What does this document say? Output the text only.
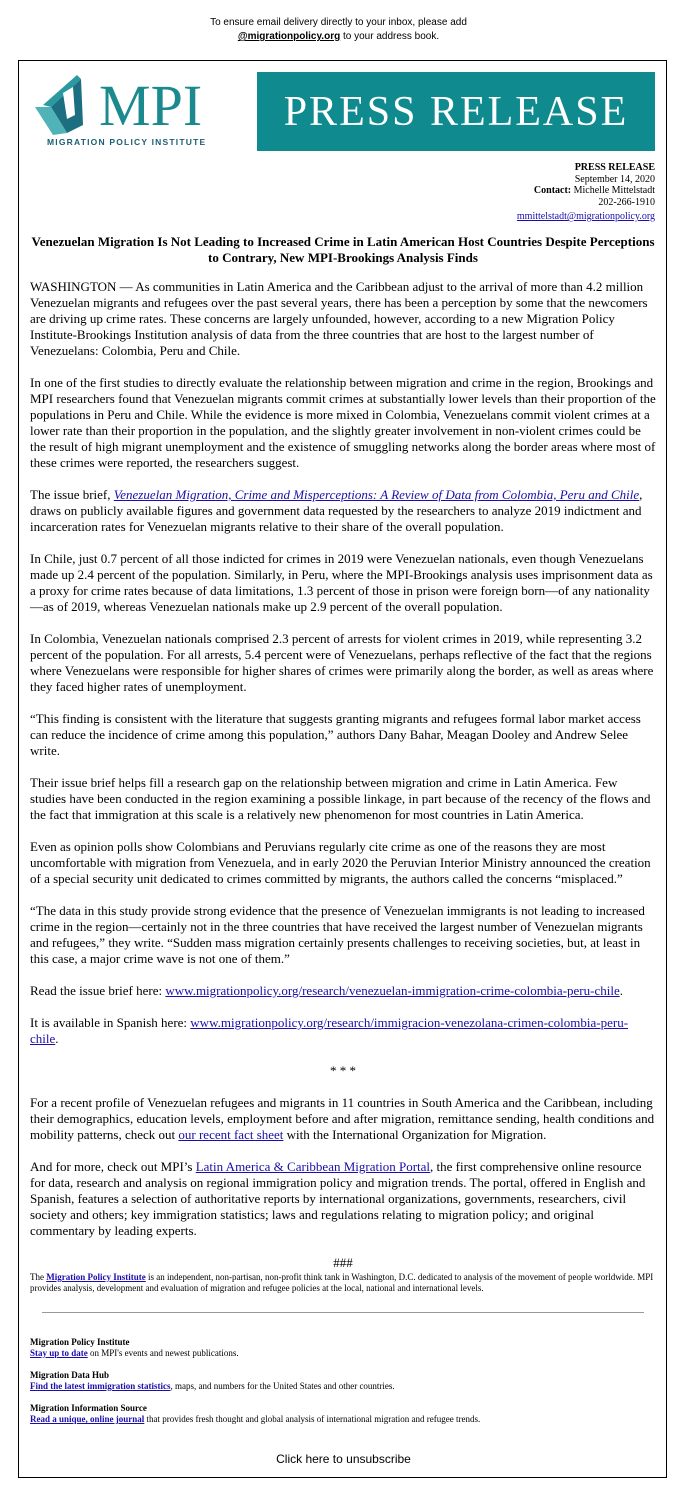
To ensure email delivery directly to your inbox, please add
@migrationpolicy.org to your address book.
MPI
MIGRATION POLICY INSTITUTE
PRESS RELEASE
PRESS RELEASE
September 14, 2020
Contact: Michelle Mittelstadt
202-266-1910
mmittelstadt@migrationpolicy.org
Venezuelan Migration Is Not Leading to Increased Crime in Latin American Host Countries Despite Perceptions to Contrary, New MPI-Brookings Analysis Finds

WASHINGTON — As communities in Latin America and the Caribbean adjust to the arrival of more than 4.2 million Venezuelan migrants and refugees over the past several years, there has been a perception by some that the newcomers are driving up crime rates. These concerns are largely unfounded, however, according to a new Migration Policy Institute-Brookings Institution analysis of data from the three countries that are host to the largest number of Venezuelans: Colombia, Peru and Chile.

In one of the first studies to directly evaluate the relationship between migration and crime in the region, Brookings and MPI researchers found that Venezuelan migrants commit crimes at substantially lower levels than their proportion of the populations in Peru and Chile. While the evidence is more mixed in Colombia, Venezuelans commit violent crimes at a lower rate than their proportion in the population, and the slightly greater involvement in non-violent crimes could be the result of high migrant unemployment and the existence of smuggling networks along the border areas where most of these crimes were reported, the researchers suggest.

The issue brief, Venezuelan Migration, Crime and Misperceptions: A Review of Data from Colombia, Peru and Chile, draws on publicly available figures and government data requested by the researchers to analyze 2019 indictment and incarceration rates for Venezuelan migrants relative to their share of the overall population.

In Chile, just 0.7 percent of all those indicted for crimes in 2019 were Venezuelan nationals, even though Venezuelans made up 2.4 percent of the population. Similarly, in Peru, where the MPI-Brookings analysis uses imprisonment data as a proxy for crime rates because of data limitations, 1.3 percent of those in prison were foreign born—of any nationality—as of 2019, whereas Venezuelan nationals make up 2.9 percent of the overall population.

In Colombia, Venezuelan nationals comprised 2.3 percent of arrests for violent crimes in 2019, while representing 3.2 percent of the population. For all arrests, 5.4 percent were of Venezuelans, perhaps reflective of the fact that the regions where Venezuelans were responsible for higher shares of crimes were primarily along the border, as well as areas where they faced higher rates of unemployment.

“This finding is consistent with the literature that suggests granting migrants and refugees formal labor market access can reduce the incidence of crime among this population,” authors Dany Bahar, Meagan Dooley and Andrew Selee write.

Their issue brief helps fill a research gap on the relationship between migration and crime in Latin America. Few studies have been conducted in the region examining a possible linkage, in part because of the recency of the flows and the fact that immigration at this scale is a relatively new phenomenon for most countries in Latin America.

Even as opinion polls show Colombians and Peruvians regularly cite crime as one of the reasons they are most uncomfortable with migration from Venezuela, and in early 2020 the Peruvian Interior Ministry announced the creation of a special security unit dedicated to crimes committed by migrants, the authors called the concerns “misplaced.”

“The data in this study provide strong evidence that the presence of Venezuelan immigrants is not leading to increased crime in the region—certainly not in the three countries that have received the largest number of Venezuelan migrants and refugees,” they write. “Sudden mass migration certainly presents challenges to receiving societies, but, at least in this case, a major crime wave is not one of them.”

Read the issue brief here: www.migrationpolicy.org/research/venezuelan-immigration-crime-colombia-peru-chile.

It is available in Spanish here: www.migrationpolicy.org/research/immigracion-venezolana-crimen-colombia-peru-chile.

* * *

For a recent profile of Venezuelan refugees and migrants in 11 countries in South America and the Caribbean, including their demographics, education levels, employment before and after migration, remittance sending, health conditions and mobility patterns, check out our recent fact sheet with the International Organization for Migration.

And for more, check out MPI’s Latin America & Caribbean Migration Portal, the first comprehensive online resource for data, research and analysis on regional immigration policy and migration trends. The portal, offered in English and Spanish, features a selection of authoritative reports by international organizations, governments, researchers, civil society and others; key immigration statistics; laws and regulations relating to migration policy; and original commentary by leading experts.

###

The Migration Policy Institute is an independent, non-partisan, non-profit think tank in Washington, D.C. dedicated to analysis of the movement of people worldwide. MPI provides analysis, development and evaluation of migration and refugee policies at the local, national and international levels.
Migration Policy Institute
Stay up to date on MPI's events and newest publications.
Migration Data Hub
Find the latest immigration statistics, maps, and numbers for the United States and other countries.
Migration Information Source
Read a unique, online journal that provides fresh thought and global analysis of international migration and refugee trends.
Click here to unsubscribe
